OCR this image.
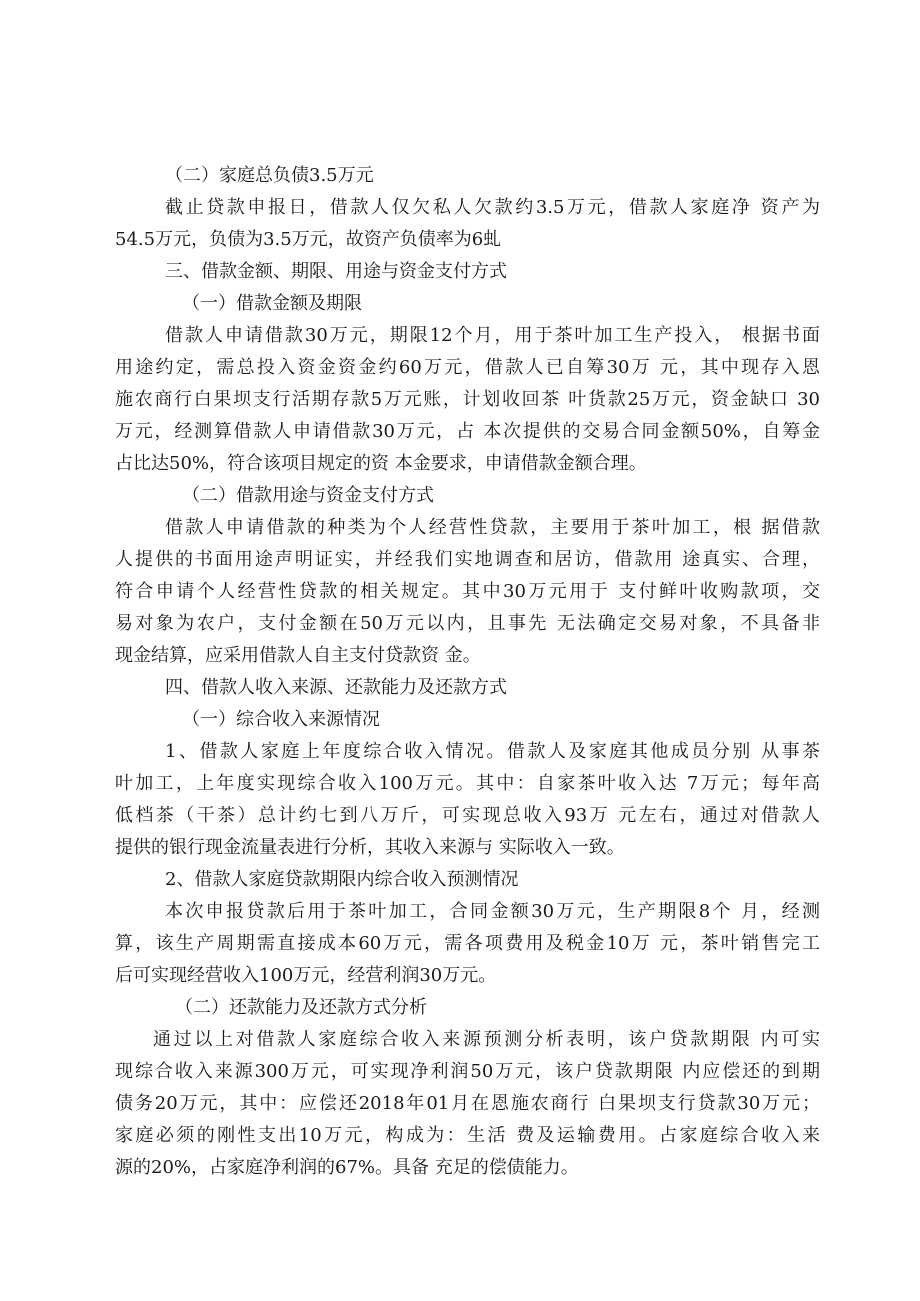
（二）家庭总负债3.5万元
截止贷款申报日，借款人仅欠私人欠款约3.5万元，借款人家庭净 资产为
54.5万元，负债为3.5万元，故资产负债率为6虬
三、借款金额、期限、用途与资金支付方式
（一）借款金额及期限
借款人申请借款30万元，期限12个月，用于茶叶加工生产投入， 根据书面
用途约定，需总投入资金资金约60万元，借款人已自筹30万 元，其中现存入恩
施农商行白果坝支行活期存款5万元账，计划收回茶 叶货款25万元，资金缺口 30
万元，经测算借款人申请借款30万元，占 本次提供的交易合同金额50%，自筹金
占比达50%，符合该项目规定的资 本金要求，申请借款金额合理。
（二）借款用途与资金支付方式
借款人申请借款的种类为个人经营性贷款，主要用于茶叶加工，根 据借款
人提供的书面用途声明证实，并经我们实地调查和居访，借款用 途真实、合理，
符合申请个人经营性贷款的相关规定。其中30万元用于 支付鲜叶收购款项，交
易对象为农户，支付金额在50万元以内，且事先 无法确定交易对象，不具备非
现金结算，应采用借款人自主支付贷款资 金。
四、借款人收入来源、还款能力及还款方式
（一）综合收入来源情况
1、借款人家庭上年度综合收入情况。借款人及家庭其他成员分别 从事茶
叶加工，上年度实现综合收入100万元。其中：自家茶叶收入达 7万元；每年高
低档茶（干茶）总计约七到八万斤，可实现总收入93万 元左右，通过对借款人
提供的银行现金流量表进行分析，其收入来源与 实际收入一致。
2、借款人家庭贷款期限内综合收入预测情况
本次申报贷款后用于茶叶加工，合同金额30万元，生产期限8个 月，经测
算，该生产周期需直接成本60万元，需各项费用及税金10万 元，茶叶销售完工
后可实现经营收入100万元，经营利润30万元。
（二）还款能力及还款方式分析
通过以上对借款人家庭综合收入来源预测分析表明，该户贷款期限 内可实
现综合收入来源300万元，可实现净利润50万元，该户贷款期限 内应偿还的到期
债务20万元，其中：应偿还2018年01月在恩施农商行 白果坝支行贷款30万元；
家庭必须的刚性支出10万元，构成为：生活 费及运输费用。占家庭综合收入来
源的20%，占家庭净利润的67%。具备 充足的偿债能力。
